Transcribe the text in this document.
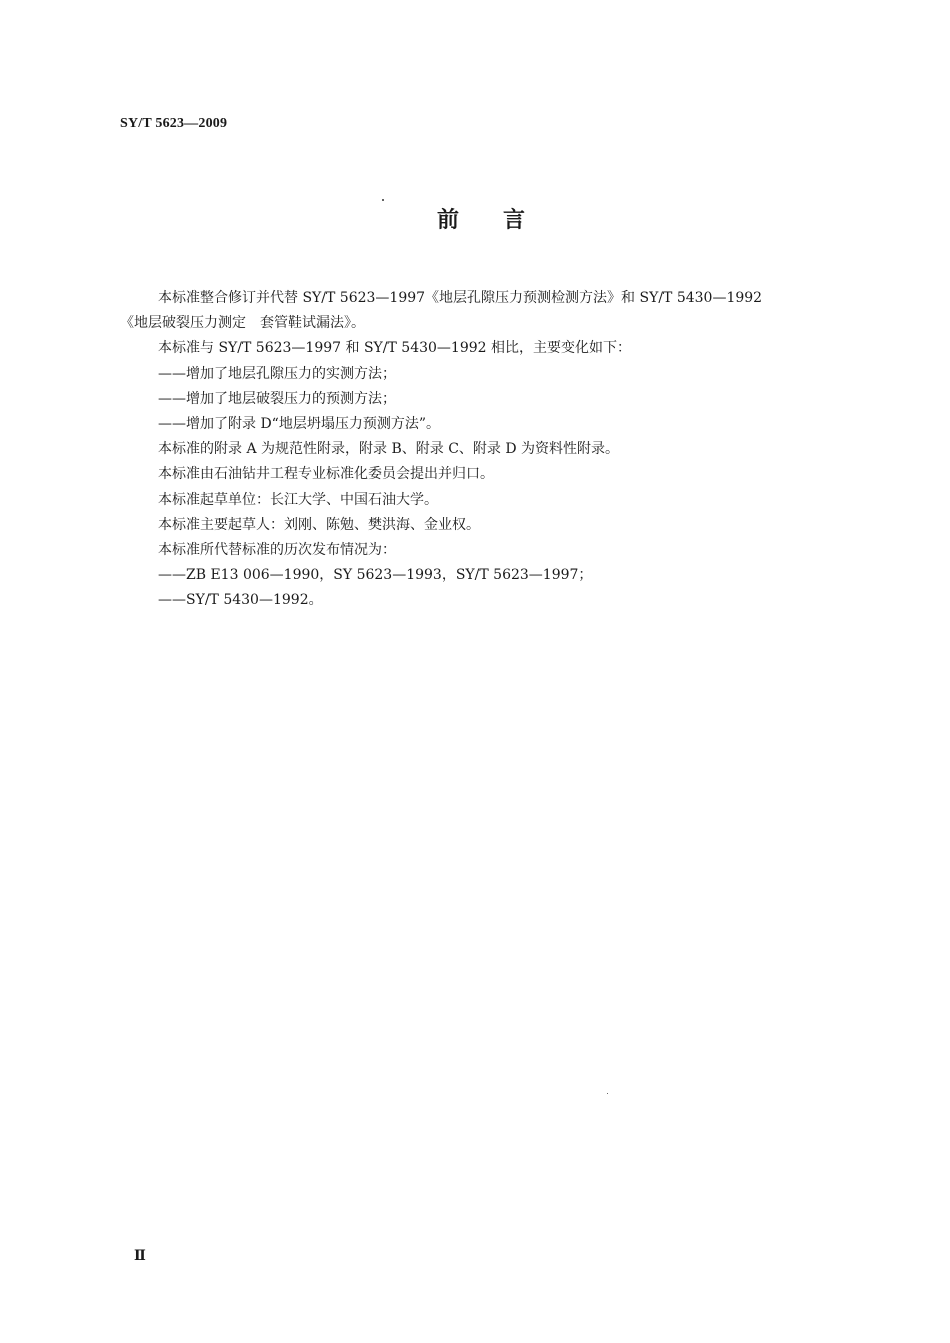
SY/T 5623—2009
前 言

本标准整合修订并代替 SY/T 5623—1997《地层孔隙压力预测检测方法》和 SY/T 5430—1992

《地层破裂压力测定　套管鞋试漏法》。

本标准与 SY/T 5623—1997 和 SY/T 5430—1992 相比，主要变化如下：

——增加了地层孔隙压力的实测方法；

——增加了地层破裂压力的预测方法；

——增加了附录 D“地层坍塌压力预测方法”。

本标准的附录 A 为规范性附录，附录 B、附录 C、附录 D 为资料性附录。

本标准由石油钻井工程专业标准化委员会提出并归口。

本标准起草单位：长江大学、中国石油大学。

本标准主要起草人：刘刚、陈勉、樊洪海、金业权。

本标准所代替标准的历次发布情况为：

——ZB E13 006—1990，SY 5623—1993，SY/T 5623—1997；

——SY/T 5430—1992。

Ⅱ
